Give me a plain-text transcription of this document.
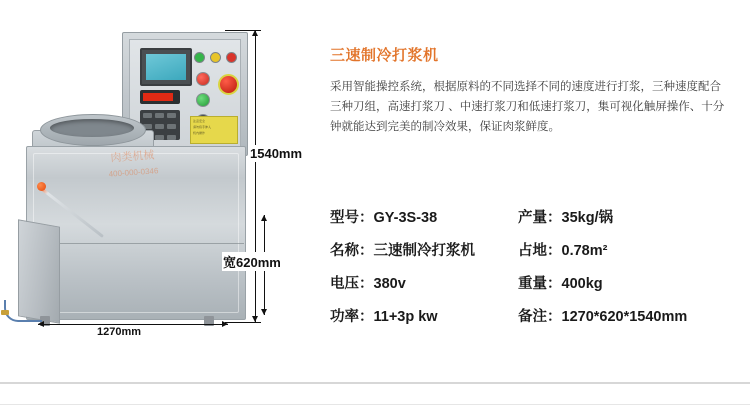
注意安全
请勿将手伸入
机内操作
肉类机械
400-000-0346
1540mm
1270mm
宽620mm
三速制冷打浆机

采用智能操控系统，根据原料的不同选择不同的速度进行打浆，三种速度配合三种刀组，高速打浆刀 、中速打浆刀和低速打浆刀，集可视化触屏操作、十分钟就能达到完美的制冷效果，保证肉浆鲜度。

型号：GY-3S-38	产量：35kg/锅
名称：三速制冷打浆机	占地：0.78m²
电压：380v	重量：400kg
功率：11+3p kw	备注：1270*620*1540mm
